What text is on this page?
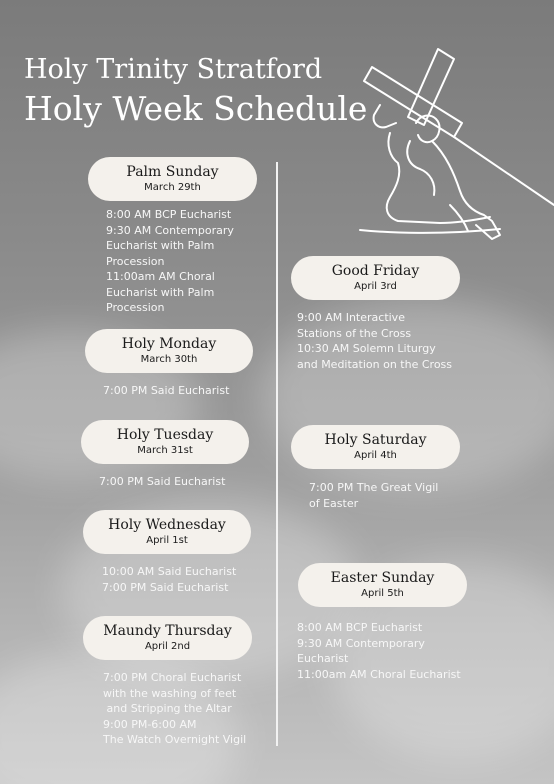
Holy Trinity Stratford
Holy Week Schedule
Palm Sunday
March 29th
8:00 AM BCP Eucharist
9:30 AM Contemporary
Eucharist with Palm
Procession
11:00am AM Choral
Eucharist with Palm
Procession
Holy Monday
March 30th
7:00 PM Said Eucharist
Holy Tuesday
March 31st
7:00 PM Said Eucharist
Holy Wednesday
April 1st
10:00 AM Said Eucharist
7:00 PM Said Eucharist
Maundy Thursday
April 2nd
7:00 PM Choral Eucharist
with the washing of feet
and Stripping the Altar
9:00 PM-6:00 AM
The Watch Overnight Vigil
Good Friday
April 3rd
9:00 AM Interactive
Stations of the Cross
10:30 AM Solemn Liturgy
and Meditation on the Cross
Holy Saturday
April 4th
7:00 PM The Great Vigil
of Easter
Easter Sunday
April 5th
8:00 AM BCP Eucharist
9:30 AM Contemporary
Eucharist
11:00am AM Choral Eucharist
